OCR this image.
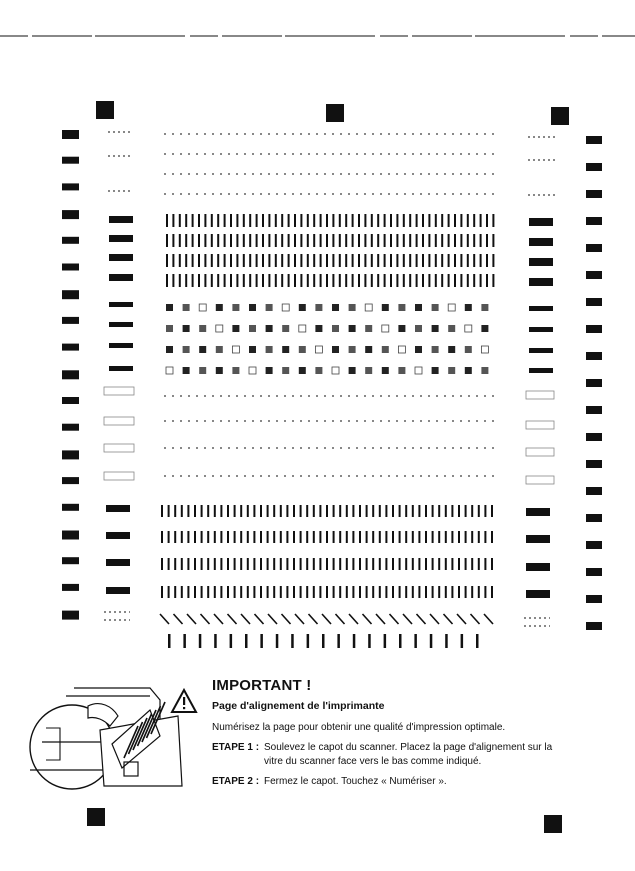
IMPORTANT !
Page d'alignement de l'imprimante
Numérisez la page pour obtenir une qualité d'impression optimale.
ETAPE 1 : Soulevez le capot du scanner. Placez la page d'alignement sur la
vitre du scanner face vers le bas comme indiqué.
ETAPE 2 : Fermez le capot. Touchez « Numériser ».
